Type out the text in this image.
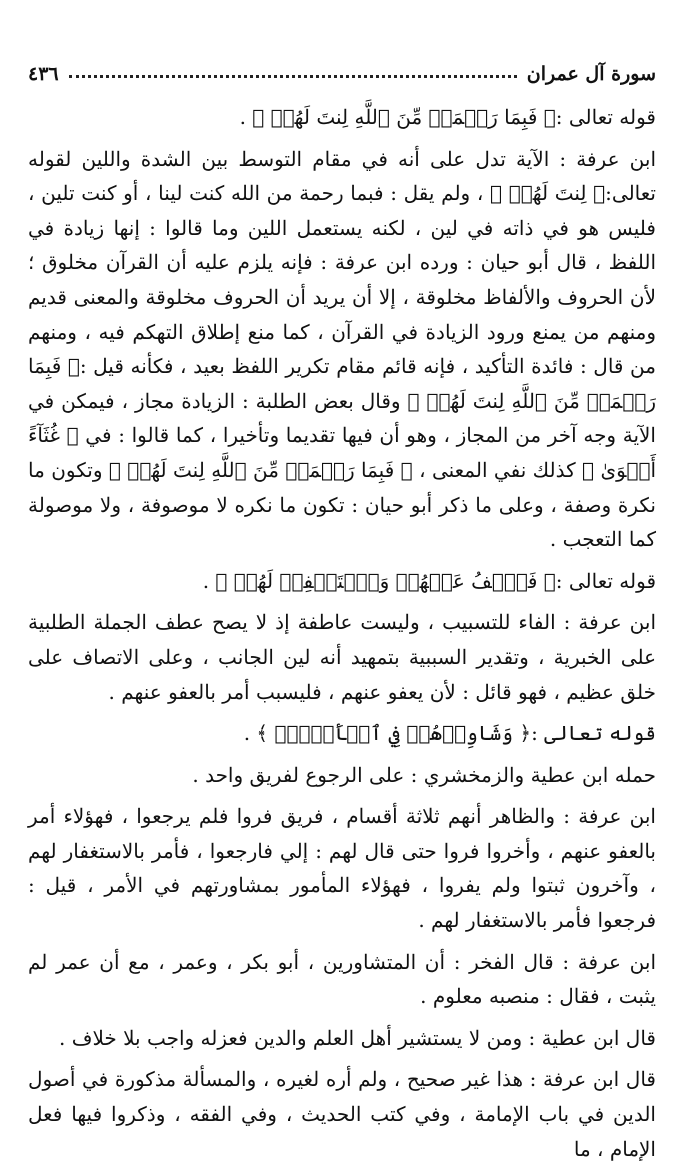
٤٣٦	سورة آل عمران

قوله تعالى :﴿ فَبِمَا رَحۡمَةٖ مِّنَ ٱللَّهِ لِنتَ لَهُمۡ ﴾ .

ابن عرفة : الآية تدل على أنه في مقام التوسط بين الشدة واللين لقوله تعالى:﴿ لِنتَ لَهُمۡ ﴾ ، ولم يقل : فبما رحمة من الله كنت لينا ، أو كنت تلين ، فليس هو في ذاته في لين ، لكنه يستعمل اللين وما قالوا : إنها زيادة في اللفظ ، قال أبو حيان : ورده ابن عرفة : فإنه يلزم عليه أن القرآن مخلوق ؛ لأن الحروف والألفاظ مخلوقة ، إلا أن يريد أن الحروف مخلوقة والمعنى قديم ومنهم من يمنع ورود الزيادة في القرآن ، كما منع إطلاق التهكم فيه ، ومنهم من قال : فائدة التأكيد ، فإنه قائم مقام تكرير اللفظ بعيد ، فكأنه قيل :﴿ فَبِمَا رَحۡمَةٖ مِّنَ ٱللَّهِ لِنتَ لَهُمۡ ﴾ وقال بعض الطلبة : الزيادة مجاز ، فيمكن في الآية وجه آخر من المجاز ، وهو أن فيها تقديما وتأخيرا ، كما قالوا : في ﴿ غُثَآءً أَحۡوَىٰ ﴾ كذلك نفي المعنى ، ﴿ فَبِمَا رَحۡمَةٖ مِّنَ ٱللَّهِ لِنتَ لَهُمۡ ﴾ وتكون ما نكرة وصفة ، وعلى ما ذكر أبو حيان : تكون ما نكره لا موصوفة ، ولا موصولة كما التعجب .

قوله تعالى :﴿ فَٱعۡفُ عَنۡهُمۡ وَٱسۡتَغۡفِرۡ لَهُمۡ ﴾ .

ابن عرفة : الفاء للتسبيب ، وليست عاطفة إذ لا يصح عطف الجملة الطلبية على الخبرية ، وتقدير السببية بتمهيد أنه لين الجانب ، وعلى الاتصاف على خلق عظيم ، فهو قائل : لأن يعفو عنهم ، فليسبب أمر بالعفو عنهم .

قوله تعالى :﴿ وَشَاوِرۡهُمۡ فِي ٱلۡأَمۡرِۖ ﴾ .

حمله ابن عطية والزمخشري : على الرجوع لفريق واحد .

ابن عرفة : والظاهر أنهم ثلاثة أقسام ، فريق فروا فلم يرجعوا ، فهؤلاء أمر بالعفو عنهم ، وأخروا فروا حتى قال لهم : إلي فارجعوا ، فأمر بالاستغفار لهم ، وآخرون ثبتوا ولم يفروا ، فهؤلاء المأمور بمشاورتهم في الأمر ، قيل : فرجعوا فأمر بالاستغفار لهم .

ابن عرفة : قال الفخر : أن المتشاورين ، أبو بكر ، وعمر ، مع أن عمر لم يثبت ، فقال : منصبه معلوم .

قال ابن عطية : ومن لا يستشير أهل العلم والدين فعزله واجب بلا خلاف .

قال ابن عرفة : هذا غير صحيح ، ولم أره لغيره ، والمسألة مذكورة في أصول الدين في باب الإمامة ، وفي كتب الحديث ، وفي الفقه ، وذكروا فيها فعل الإمام ، ما
